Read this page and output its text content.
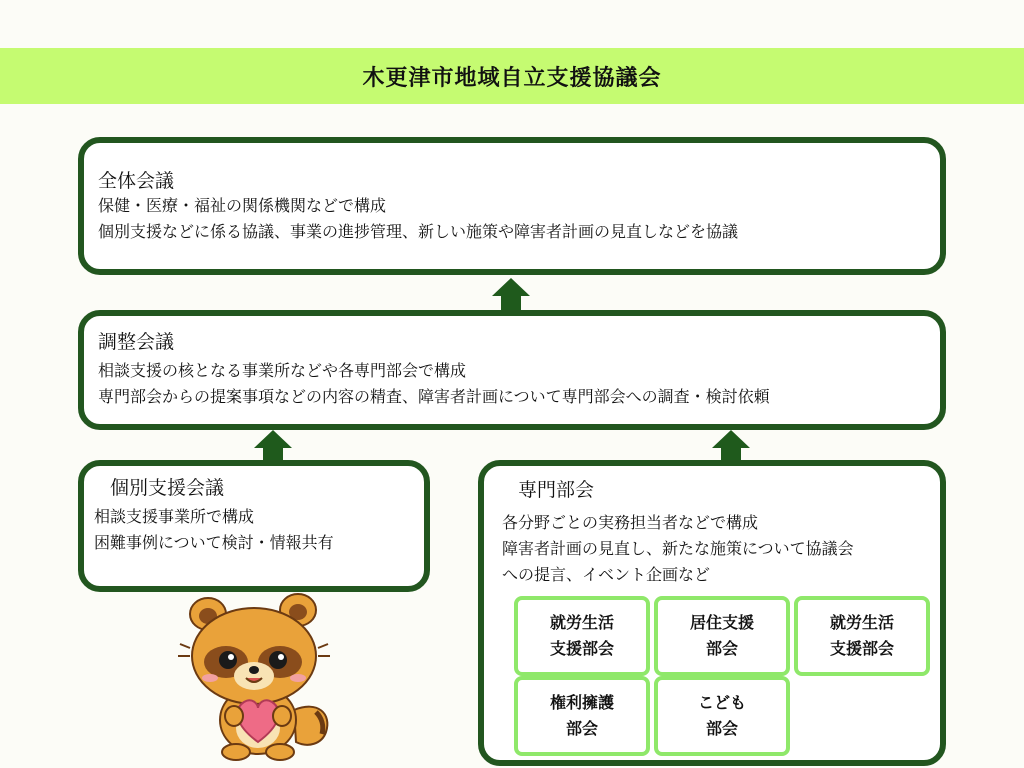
木更津市地域自立支援協議会
全体会議
保健・医療・福祉の関係機関などで構成
個別支援などに係る協議、事業の進捗管理、新しい施策や障害者計画の見直しなどを協議
調整会議
相談支援の核となる事業所などや各専門部会で構成
専門部会からの提案事項などの内容の精査、障害者計画について専門部会への調査・検討依頼
個別支援会議
相談支援事業所で構成
困難事例について検討・情報共有
専門部会
各分野ごとの実務担当者などで構成
障害者計画の見直し、新たな施策について協議会
への提言、イベント企画など
就労生活
支援部会
居住支援
部会
就労生活
支援部会
権利擁護
部会
こども
部会
